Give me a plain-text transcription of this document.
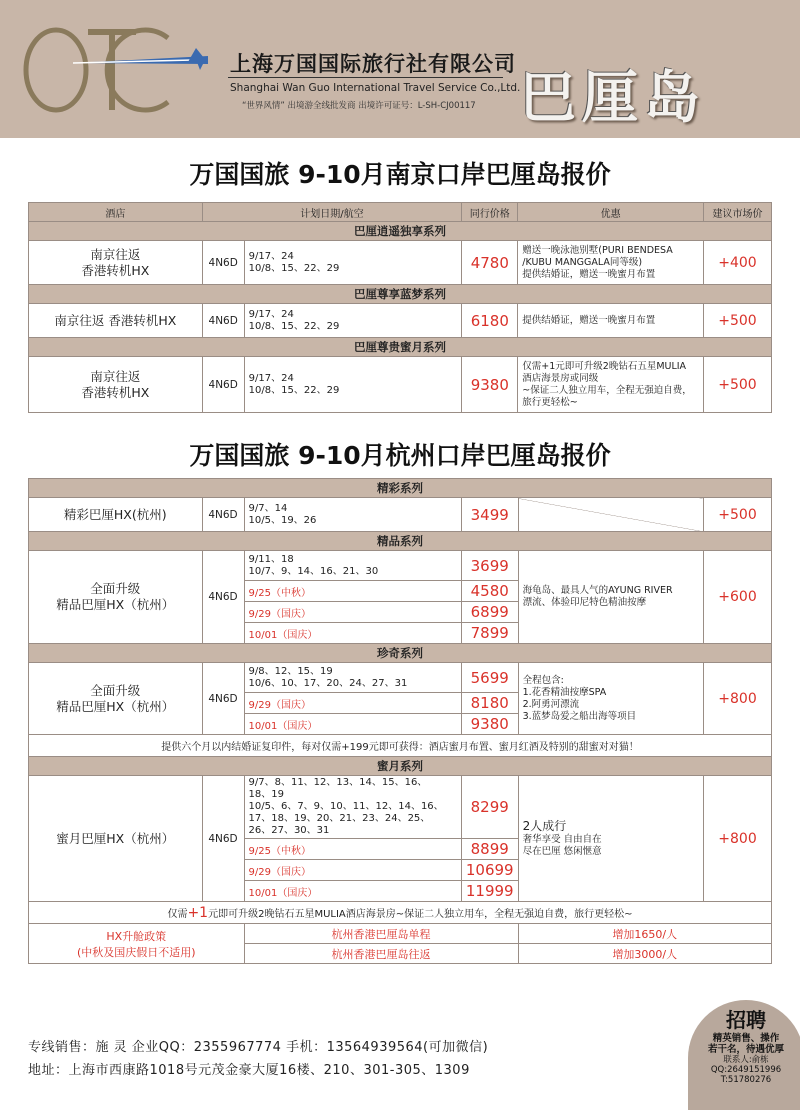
上海万国国际旅行社有限公司
Shanghai Wan Guo International Travel Service Co.,Ltd.
“世界风情” 出境游全线批发商 出境许可证号：L-SH-CJ00117 巴厘岛
万国国旅 9-10月南京口岸巴厘岛报价
酒店	计划日期/航空		同行价格	优惠	建议市场价
巴厘逍遥独享系列					
南京往返
香港转机HX	4N6D	9/17、24
10/8、15、22、29	4780	赠送一晚泳池别墅(PURI BENDESA
/KUBU MANGGALA同等级)
提供结婚证，赠送一晚蜜月布置	+400
巴厘尊享蓝梦系列					
南京往返 香港转机HX	4N6D	9/17、24
10/8、15、22、29	6180	提供结婚证，赠送一晚蜜月布置	+500
巴厘尊贵蜜月系列					
南京往返
香港转机HX	4N6D	9/17、24
10/8、15、22、29	9380	仅需+1元即可升级2晚钻石五星MULIA
酒店海景房或同级
~保证二人独立用车，全程无强迫自费，
旅行更轻松~	+500
万国国旅 9-10月杭州口岸巴厘岛报价
精彩系列					
精彩巴厘HX(杭州)	4N6D	9/7、14
10/5、19、26	3499		+500
精品系列					
全面升级
精品巴厘HX（杭州）	4N6D	9/11、18
10/7、9、14、16、21、30	3699	海龟岛、最具人气的AYUNG RIVER
漂流、体验印尼特色精油按摩	+600
		9/25（中秋）	4580		
		9/29（国庆）	6899		
		10/01（国庆）	7899		
珍奇系列					
全面升级
精品巴厘HX（杭州）	4N6D	9/8、12、15、19
10/6、10、17、20、24、27、31	5699	全程包含:
1.花香精油按摩SPA
2.阿勇河漂流
3.蓝梦岛爱之船出海等项目	+800
		9/29（国庆）	8180		
		10/01（国庆）	9380		
提供六个月以内结婚证复印件，每对仅需+199元即可获得：酒店蜜月布置、蜜月红酒及特别的甜蜜对对猫！					
蜜月系列					
蜜月巴厘HX（杭州）	4N6D	9/7、8、11、12、13、14、15、16、
18、19
10/5、6、7、9、10、11、12、14、16、
17、18、19、20、21、23、24、25、
26、27、30、31	8299	2人成行
奢华享受 自由自在
尽在巴厘 悠闲惬意	+800
		9/25（中秋）	8899		
		9/29（国庆）	10699		
		10/01（国庆）	11999		
仅需+1元即可升级2晚钻石五星MULIA酒店海景房~保证二人独立用车，全程无强迫自费，旅行更轻松~					
HX升舱政策
(中秋及国庆假日不适用)		杭州香港巴厘岛单程		增加1650/人	
		杭州香港巴厘岛往返		增加3000/人	
专线销售：施 灵 企业QQ：2355967774 手机：13564939564(可加微信)
地址：上海市西康路1018号元茂金豪大厦16楼、210、301-305、1309
招聘
精英销售、操作
若干名，待遇优厚
联系人:俞栋
QQ:2649151996
T:51780276
